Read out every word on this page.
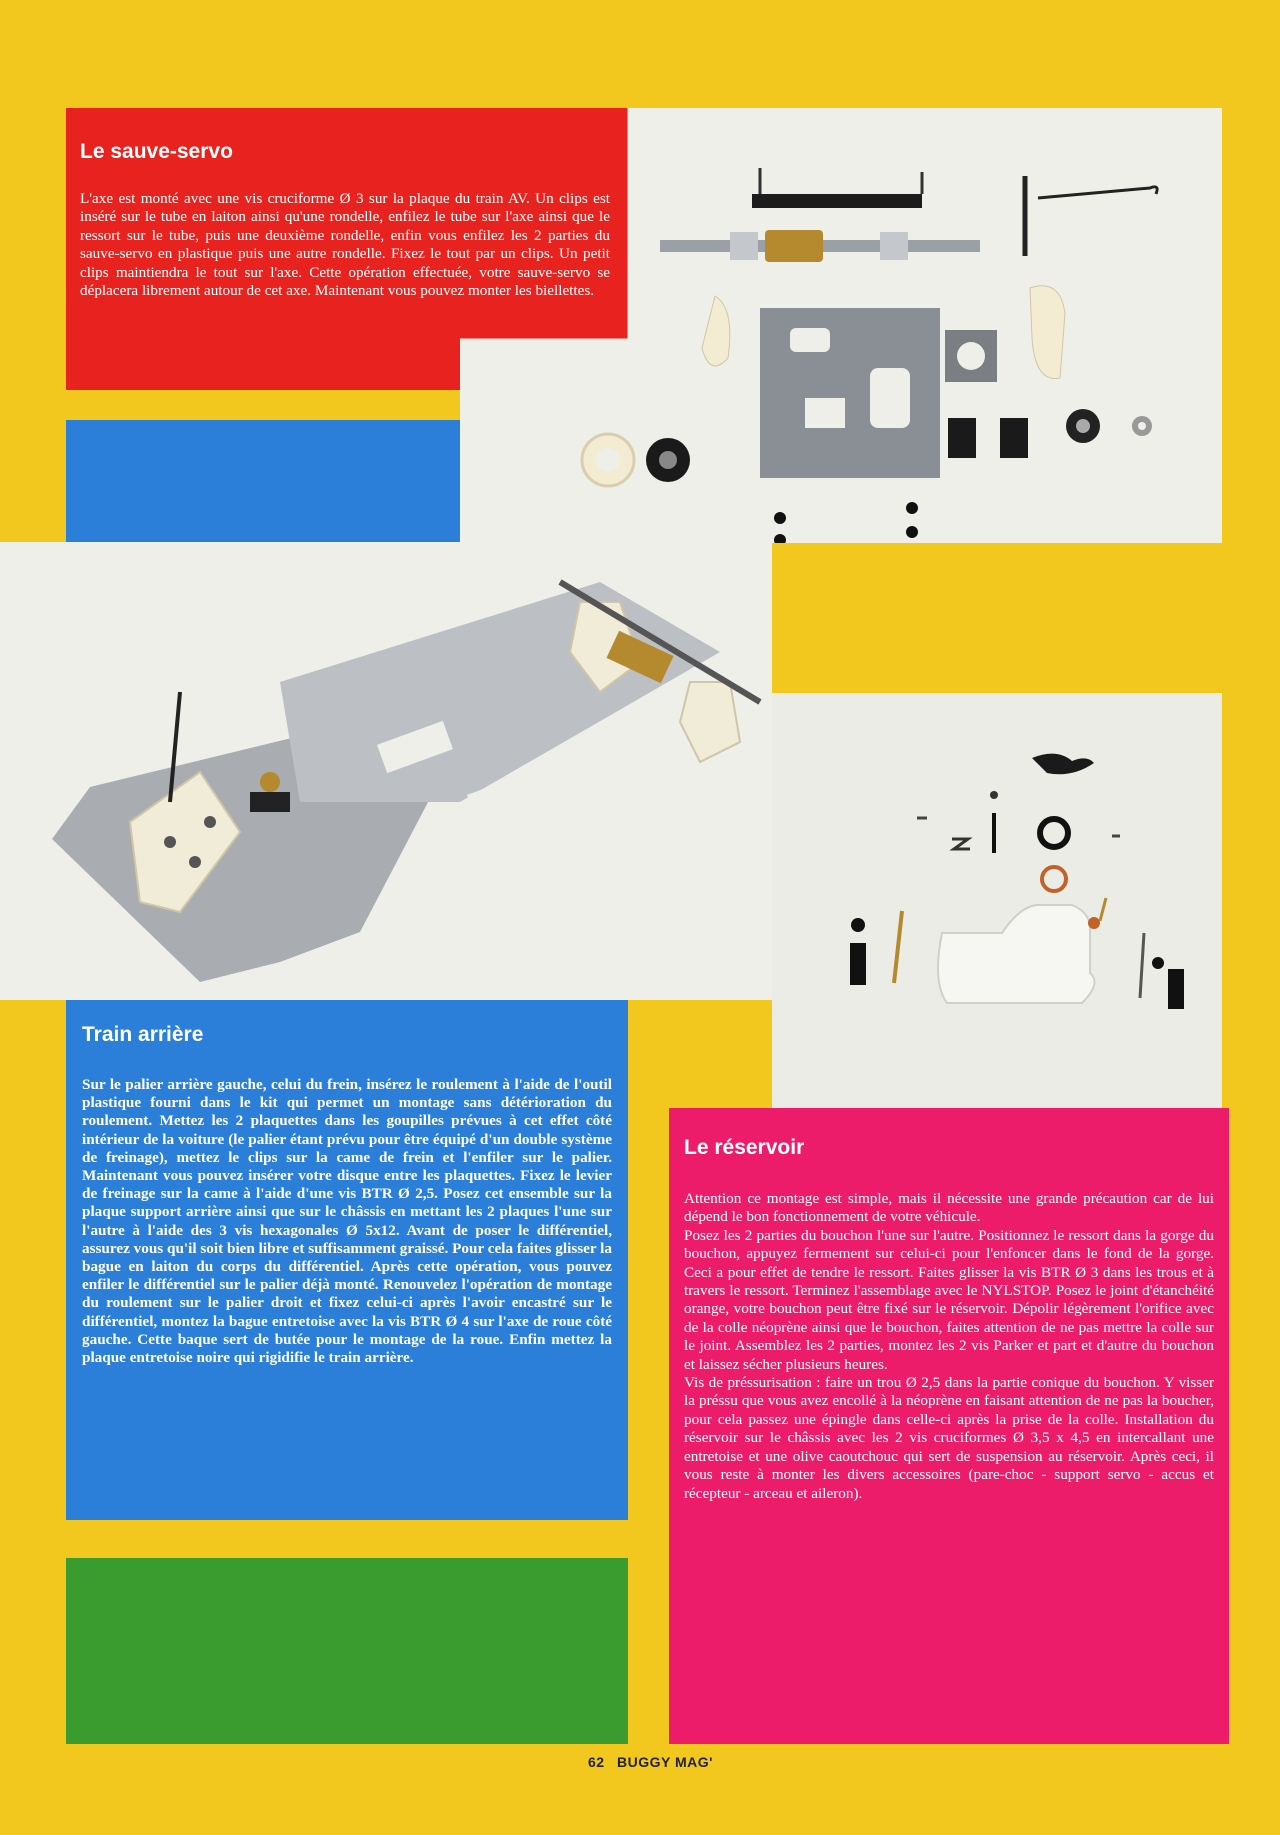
Le sauve-servo

L'axe est monté avec une vis cruciforme Ø 3 sur la plaque du train AV. Un clips est inséré sur le tube en laiton ainsi qu'une rondelle, enfilez le tube sur l'axe ainsi que le ressort sur le tube, puis une deuxième rondelle, enfin vous enfilez les 2 parties du sauve-servo en plastique puis une autre rondelle. Fixez le tout par un clips. Un petit clips maintiendra le tout sur l'axe. Cette opération effectuée, votre sauve-servo se déplacera librement autour de cet axe. Maintenant vous pouvez monter les biellettes.

Train arrière

Sur le palier arrière gauche, celui du frein, insérez le roulement à l'aide de l'outil plastique fourni dans le kit qui permet un montage sans détérioration du roulement. Mettez les 2 plaquettes dans les goupilles prévues à cet effet côté intérieur de la voiture (le palier étant prévu pour être équipé d'un double système de freinage), mettez le clips sur la came de frein et l'enfiler sur le palier. Maintenant vous pouvez insérer votre disque entre les plaquettes. Fixez le levier de freinage sur la came à l'aide d'une vis BTR Ø 2,5. Posez cet ensemble sur la plaque support arrière ainsi que sur le châssis en mettant les 2 plaques l'une sur l'autre à l'aide des 3 vis hexagonales Ø 5x12. Avant de poser le différentiel, assurez vous qu'il soit bien libre et suffisamment graissé. Pour cela faites glisser la bague en laiton du corps du différentiel. Après cette opération, vous pouvez enfiler le différentiel sur le palier déjà monté. Renouvelez l'opération de montage du roulement sur le palier droit et fixez celui-ci après l'avoir encastré sur le différentiel, montez la bague entretoise avec la vis BTR Ø 4 sur l'axe de roue côté gauche. Cette baque sert de butée pour le montage de la roue. Enfin mettez la plaque entretoise noire qui rigidifie le train arrière.

Le réservoir

Attention ce montage est simple, mais il nécessite une grande précaution car de lui dépend le bon fonctionnement de votre véhicule.

Posez les 2 parties du bouchon l'une sur l'autre. Positionnez le ressort dans la gorge du bouchon, appuyez fermement sur celui-ci pour l'enfoncer dans le fond de la gorge. Ceci a pour effet de tendre le ressort. Faites glisser la vis BTR Ø 3 dans les trous et à travers le ressort. Terminez l'assemblage avec le NYLSTOP. Posez le joint d'étanchéité orange, votre bouchon peut être fixé sur le réservoir. Dépolir légèrement l'orifice avec de la colle néoprène ainsi que le bouchon, faites attention de ne pas mettre la colle sur le joint. Assemblez les 2 parties, montez les 2 vis Parker et part et d'autre du bouchon et laissez sécher plusieurs heures.

Vis de préssurisation : faire un trou Ø 2,5 dans la partie conique du bouchon. Y visser la préssu que vous avez encollé à la néoprène en faisant attention de ne pas la boucher, pour cela passez une épingle dans celle-ci après la prise de la colle. Installation du réservoir sur le châssis avec les 2 vis cruciformes Ø 3,5 x 4,5 en intercallant une entretoise et une olive caoutchouc qui sert de suspension au réservoir. Après ceci, il vous reste à monter les divers accessoires (pare-choc - support servo - accus et récepteur - arceau et aileron).

62 BUGGY MAG'
